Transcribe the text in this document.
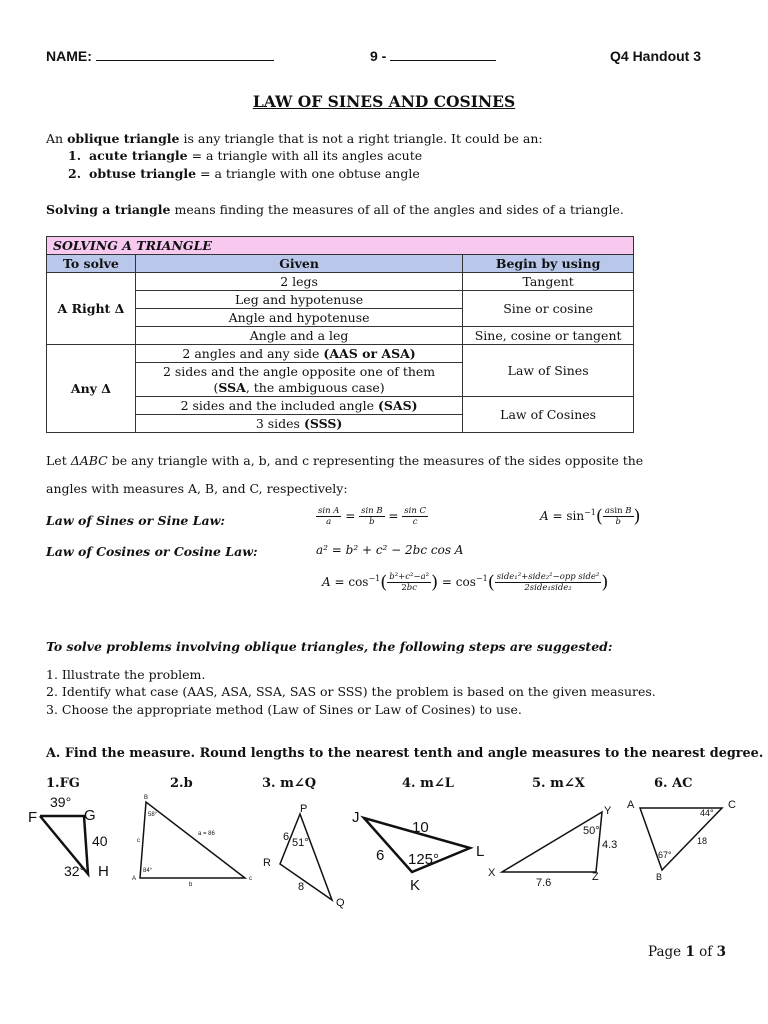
NAME:	9 -	Q4 Handout 3
LAW OF SINES AND COSINES
An oblique triangle is any triangle that is not a right triangle. It could be an:
1. acute triangle = a triangle with all its angles acute
2. obtuse triangle = a triangle with one obtuse angle
Solving a triangle means finding the measures of all of the angles and sides of a triangle.
SOLVING A TRIANGLE		
To solve	Given	Begin by using
A Right Δ	2 legs	Tangent
	Leg and hypotenuse	Sine or cosine
	Angle and hypotenuse	
	Angle and a leg	Sine, cosine or tangent
Any Δ	2 angles and any side (AAS or ASA)	Law of Sines
	2 sides and the angle opposite one of them
(SSA, the ambiguous case)	
	2 sides and the included angle (SAS)	Law of Cosines
	3 sides (SSS)	
Let ΔABC be any triangle with a, b, and c representing the measures of the sides opposite the
angles with measures A, B, and C, respectively:
Law of Sines or Sine Law:	$\frac{\text{sin A}}{a} = \frac{\text{sin B}}{b} = \frac{\text{sin C}}{c}$	$A = \sin^{-1}( \frac{\text{asin B}}{b}$ )
Law of Cosines or Cosine Law:	a² = b² + c² − 2bc cos A
$A = \cos^{-1}( \frac{\text{b²+c²−a²}}{2bc}$ ) = $\cos^{-1}( \frac{\text{side₁²+side₂²−opp side²}}{\text{2side₁side₂}}$ )
To solve problems involving oblique triangles, the following steps are suggested:
1. Illustrate the problem.
2. Identify what case (AAS, ASA, SSA, SAS or SSS) the problem is based on the given measures.
3. Choose the appropriate method (Law of Sines or Law of Cosines) to use.
A. Find the measure. Round lengths to the nearest tenth and angle measures to the nearest degree.
1.FG	2.b	3. m∠Q	4. m∠L	5. m∠X	6. AC
F
39°
G
40
32° H
B
58°
a = 86
c
84°
A
b
c
P
6 51°
R
8
Q
J
10
6 125° L
K
Y
50°
4.3
X	Z
7.6
A	C
44°
18
67°
B
Page 1 of 3
